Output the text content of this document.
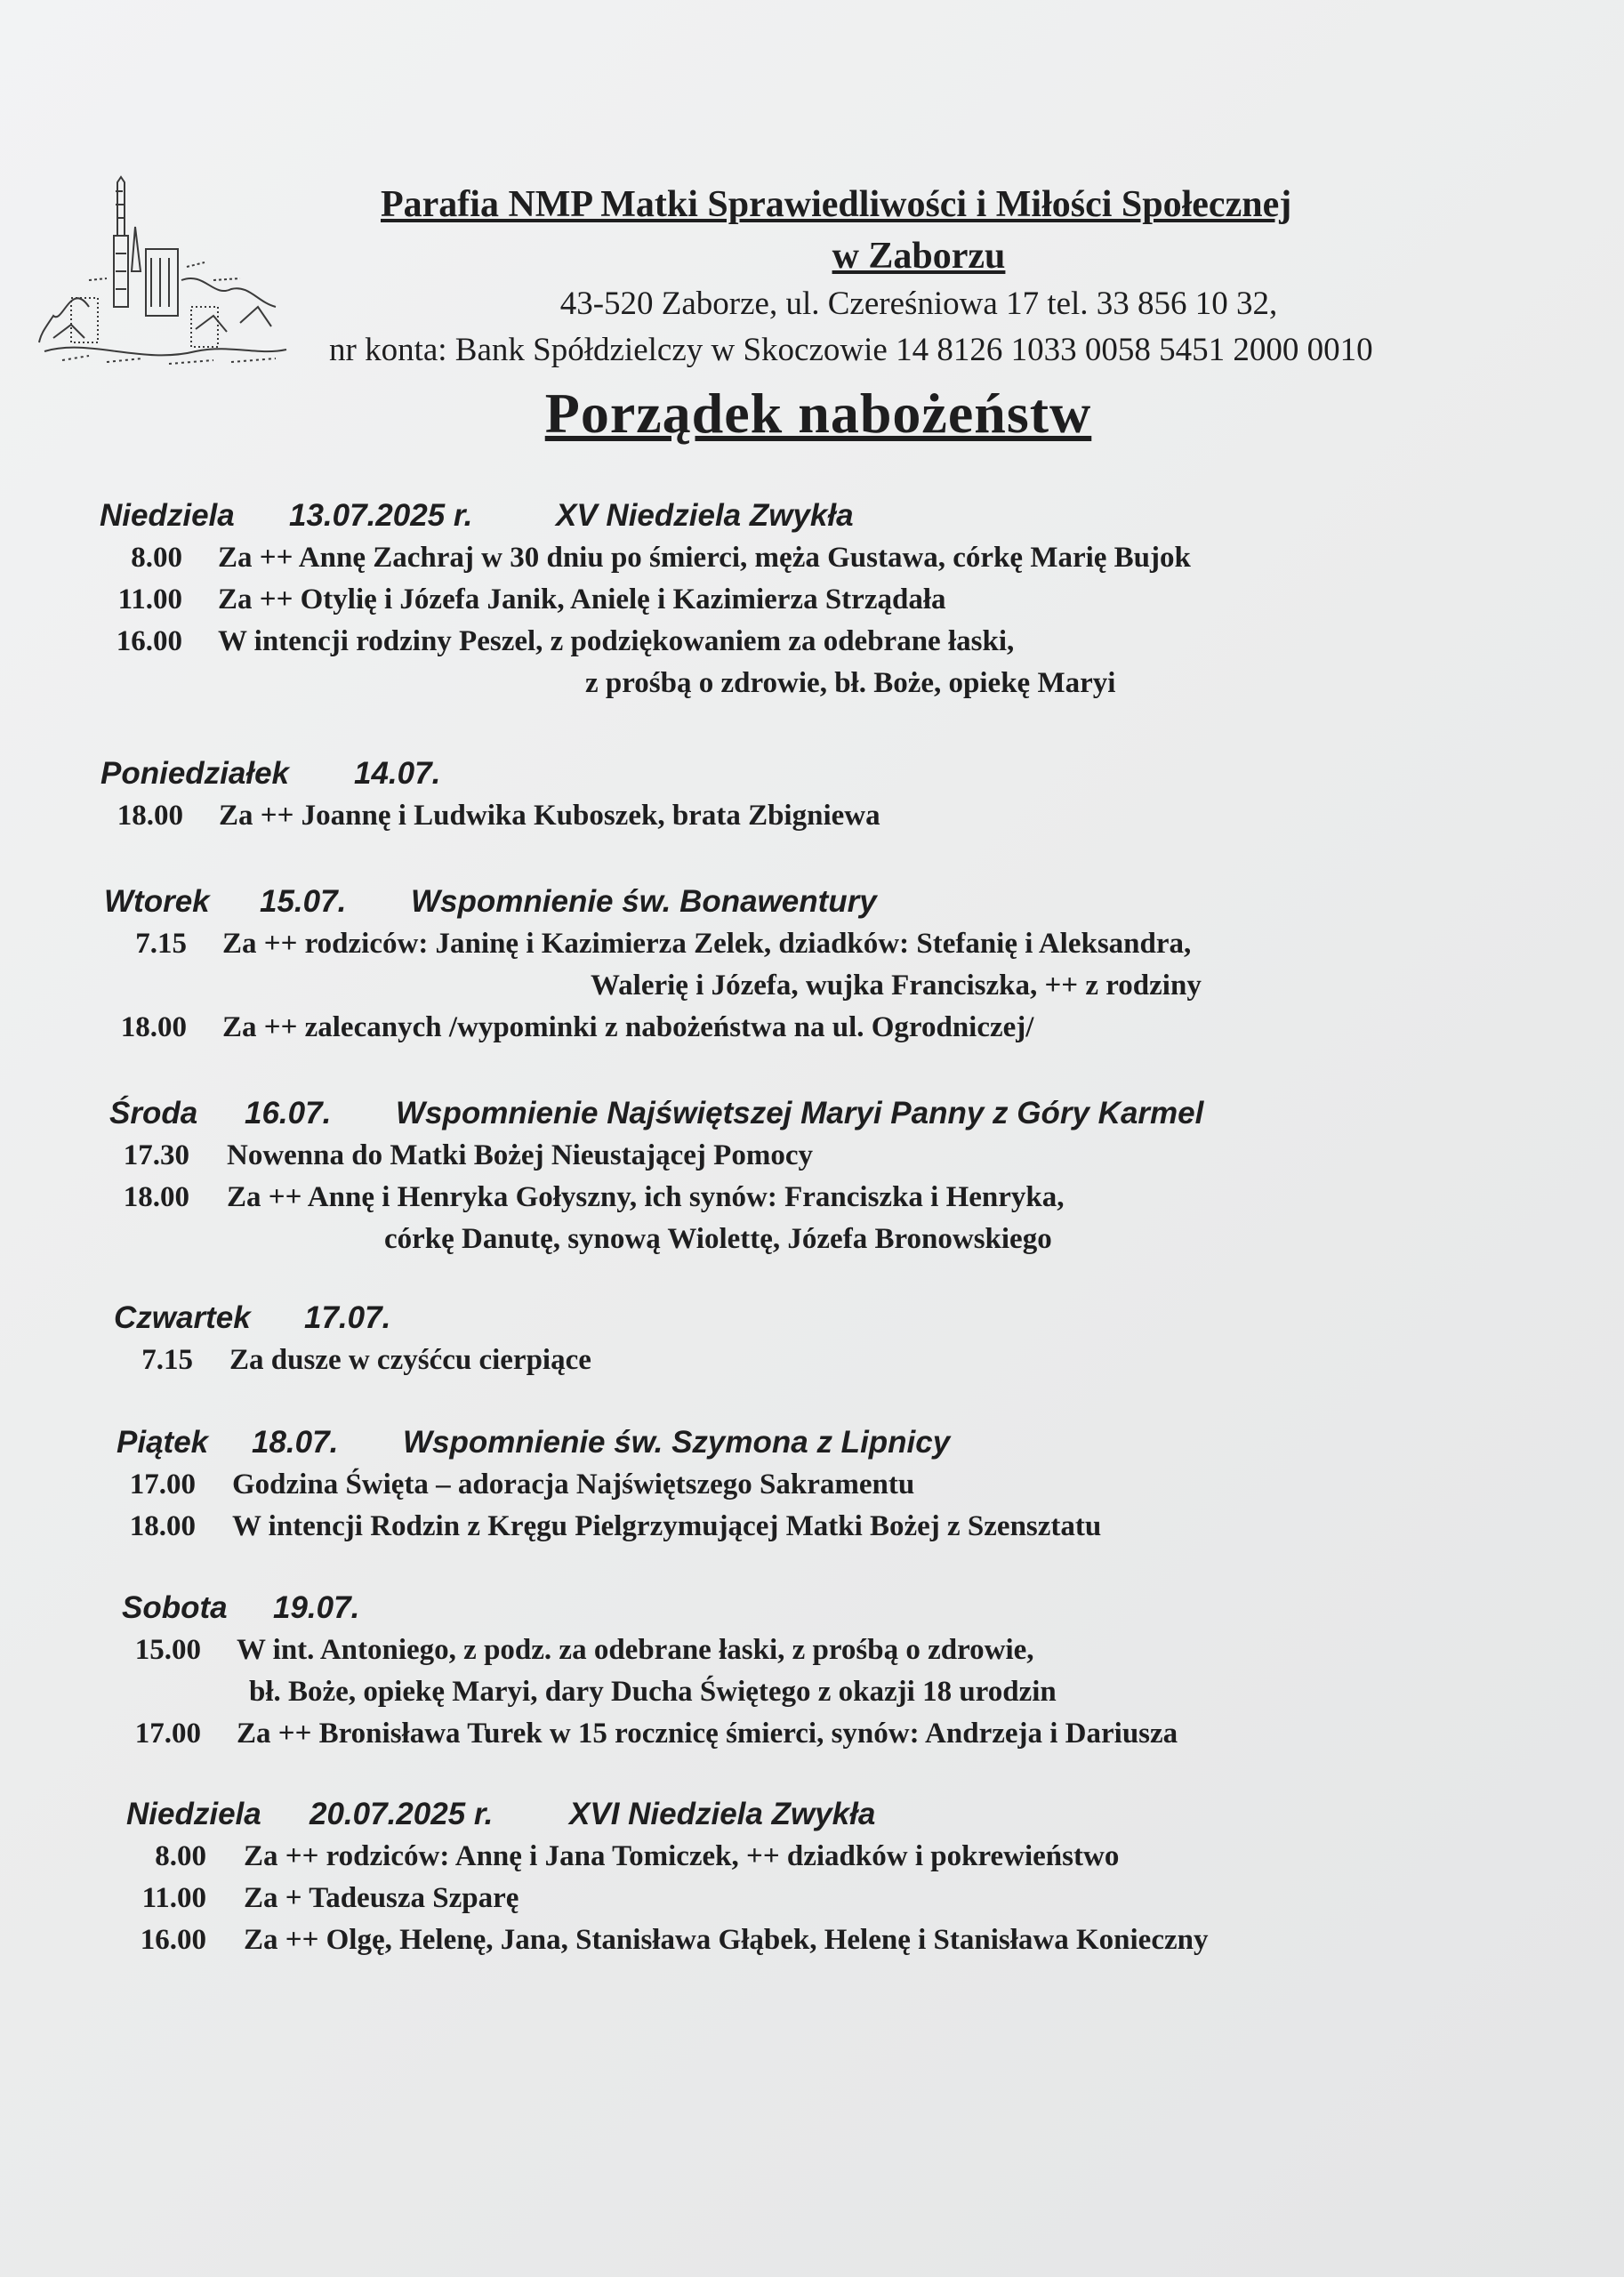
Parafia NMP Matki Sprawiedliwości i Miłości Społecznej
w Zaborzu
43-520 Zaborze, ul. Czereśniowa 17 tel. 33 856 10 32,
nr konta: Bank Spółdzielczy w Skoczowie 14 8126 1033 0058 5451 2000 0010
Porządek nabożeństw
Niedziela 13.07.2025 r.	XV Niedziela Zwykła
8.00 Za ++ Annę Zachraj w 30 dniu po śmierci, męża Gustawa, córkę Marię Bujok
11.00 Za ++ Otylię i Józefa Janik, Anielę i Kazimierza Strządała
16.00 W intencji rodziny Peszel, z podziękowaniem za odebrane łaski,
z prośbą o zdrowie, bł. Boże, opiekę Maryi
Poniedziałek 14.07.
18.00 Za ++ Joannę i Ludwika Kuboszek, brata Zbigniewa
Wtorek 15.07. Wspomnienie św. Bonawentury
7.15 Za ++ rodziców: Janinę i Kazimierza Zelek, dziadków: Stefanię i Aleksandra,
Walerię i Józefa, wujka Franciszka, ++ z rodziny
18.00 Za ++ zalecanych /wypominki z nabożeństwa na ul. Ogrodniczej/
Środa 16.07. Wspomnienie Najświętszej Maryi Panny z Góry Karmel
17.30 Nowenna do Matki Bożej Nieustającej Pomocy
18.00 Za ++ Annę i Henryka Gołyszny, ich synów: Franciszka i Henryka,
córkę Danutę, synową Wiolettę, Józefa Bronowskiego
Czwartek 17.07.
7.15 Za dusze w czyśćcu cierpiące
Piątek 18.07. Wspomnienie św. Szymona z Lipnicy
17.00 Godzina Święta – adoracja Najświętszego Sakramentu
18.00 W intencji Rodzin z Kręgu Pielgrzymującej Matki Bożej z Szensztatu
Sobota 19.07.
15.00 W int. Antoniego, z podz. za odebrane łaski, z prośbą o zdrowie,
bł. Boże, opiekę Maryi, dary Ducha Świętego z okazji 18 urodzin
17.00 Za ++ Bronisława Turek w 15 rocznicę śmierci, synów: Andrzeja i Dariusza
Niedziela 20.07.2025 r. XVI Niedziela Zwykła
8.00 Za ++ rodziców: Annę i Jana Tomiczek, ++ dziadków i pokrewieństwo
11.00 Za + Tadeusza Szparę
16.00 Za ++ Olgę, Helenę, Jana, Stanisława Głąbek, Helenę i Stanisława Konieczny
